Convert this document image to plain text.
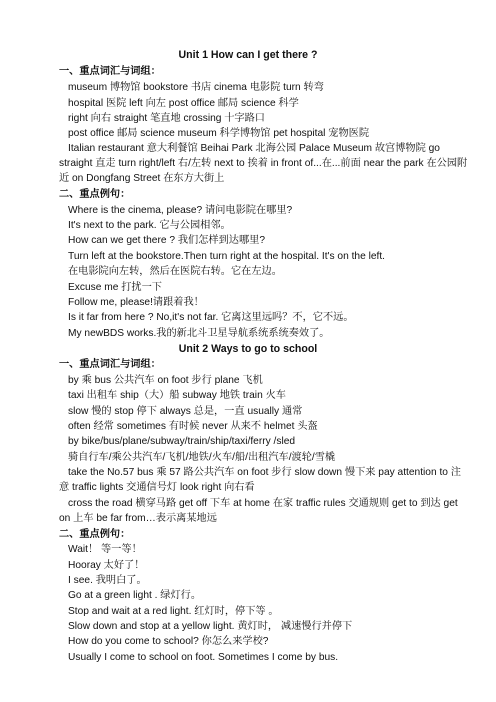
Unit 1 How can I get there ?
一、重点词汇与词组：
museum 博物馆 bookstore 书店 cinema 电影院 turn 转弯
hospital 医院 left 向左 post office 邮局 science 科学
right 向右 straight 笔直地 crossing 十字路口
post office 邮局 science museum 科学博物馆 pet hospital 宠物医院
Italian restaurant 意大利餐馆 Beihai Park 北海公园 Palace Museum 故宫博物院 go straight 直走 turn right/left 右/左转 next to 挨着 in front of...在...前面 near the park 在公园附近 on Dongfang Street 在东方大街上
二、重点例句：
Where is the cinema, please? 请问电影院在哪里?
It's next to the park. 它与公园相邻。
How can we get there ? 我们怎样到达哪里?
Turn left at the bookstore.Then turn right at the hospital. It's on the left.
在电影院向左转，然后在医院右转。它在左边。
Excuse me 打扰一下
Follow me, please!请跟着我！
Is it far from here ? No,it's not far. 它离这里远吗？不，它不远。
My newBDS works.我的新北斗卫星导航系统系统奏效了。
Unit 2 Ways to go to school
一、重点词汇与词组：
by 乘 bus 公共汽车 on foot 步行 plane 飞机
taxi 出租车 ship（大）船 subway 地铁 train 火车
slow 慢的 stop 停下 always 总是，一直 usually 通常
often 经常 sometimes 有时候 never 从来不 helmet 头盔
by bike/bus/plane/subway/train/ship/taxi/ferry /sled
骑自行车/乘公共汽车/飞机/地铁/火车/船/出租汽车/渡轮/雪橇
take the No.57 bus 乘 57 路公共汽车 on foot 步行 slow down 慢下来 pay attention to 注意 traffic lights 交通信号灯 look right 向右看
cross the road 横穿马路 get off 下车 at home 在家 traffic rules 交通规则 get to 到达 get on 上车 be far from…表示离某地远
二、重点例句：
Wait！ 等一等！
Hooray 太好了！
I see. 我明白了。
Go at a green light . 绿灯行。
Stop and wait at a red light. 红灯时，停下等 。
Slow down and stop at a yellow light. 黄灯时， 减速慢行并停下
How do you come to school? 你怎么来学校?
Usually I come to school on foot. Sometimes I come by bus.
